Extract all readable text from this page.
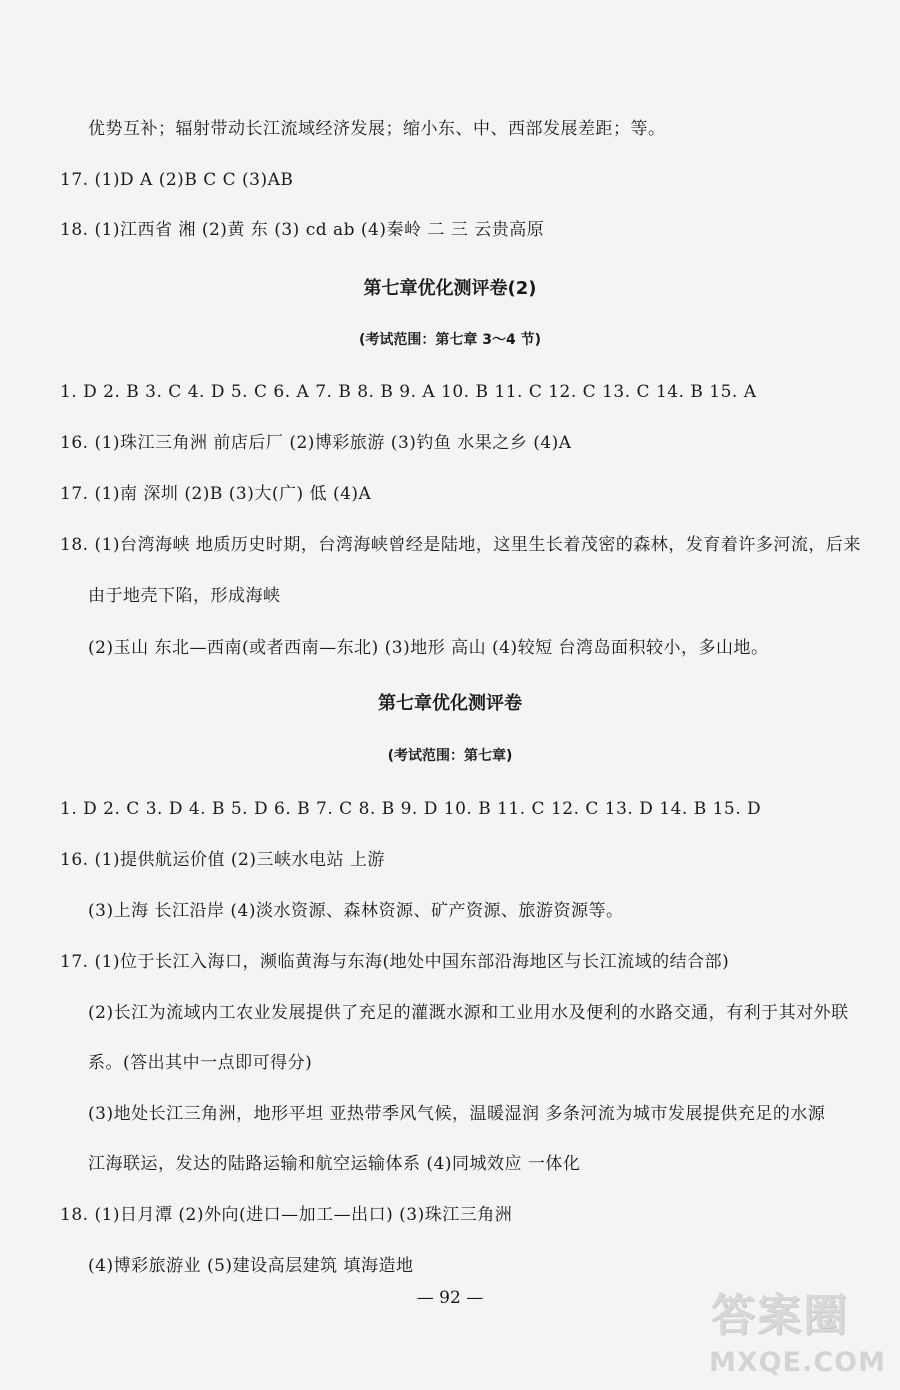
优势互补；辐射带动长江流域经济发展；缩小东、中、西部发展差距；等。
17. (1)D A (2)B C C (3)AB
18. (1)江西省 湘 (2)黄 东 (3) cd ab (4)秦岭 二 三 云贵高原
第七章优化测评卷(2)
(考试范围：第七章 3～4 节)
1. D 2. B 3. C 4. D 5. C 6. A 7. B 8. B 9. A 10. B 11. C 12. C 13. C 14. B 15. A
16. (1)珠江三角洲 前店后厂 (2)博彩旅游 (3)钓鱼 水果之乡 (4)A
17. (1)南 深圳 (2)B (3)大(广) 低 (4)A
18. (1)台湾海峡 地质历史时期，台湾海峡曾经是陆地，这里生长着茂密的森林，发育着许多河流，后来
由于地壳下陷，形成海峡
(2)玉山 东北—西南(或者西南—东北) (3)地形 高山 (4)较短 台湾岛面积较小，多山地。
第七章优化测评卷
(考试范围：第七章)
1. D 2. C 3. D 4. B 5. D 6. B 7. C 8. B 9. D 10. B 11. C 12. C 13. D 14. B 15. D
16. (1)提供航运价值 (2)三峡水电站 上游
(3)上海 长江沿岸 (4)淡水资源、森林资源、矿产资源、旅游资源等。
17. (1)位于长江入海口，濒临黄海与东海(地处中国东部沿海地区与长江流域的结合部)
(2)长江为流域内工农业发展提供了充足的灌溉水源和工业用水及便利的水路交通，有利于其对外联
系。(答出其中一点即可得分)
(3)地处长江三角洲，地形平坦 亚热带季风气候，温暖湿润 多条河流为城市发展提供充足的水源
江海联运，发达的陆路运输和航空运输体系 (4)同城效应 一体化
18. (1)日月潭 (2)外向(进口—加工—出口) (3)珠江三角洲
(4)博彩旅游业 (5)建设高层建筑 填海造地
— 92 —	答案圈
MXQE.COM
